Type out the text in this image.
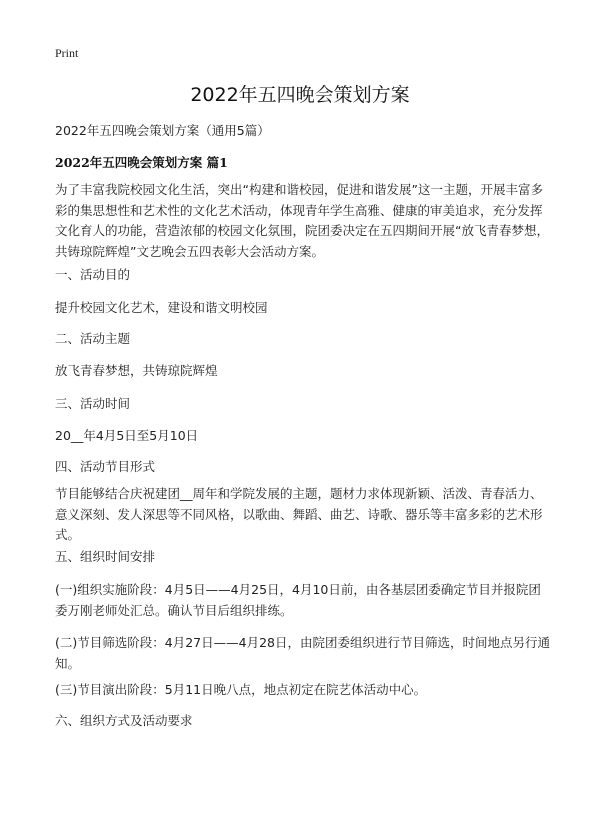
Print
2022年五四晚会策划方案
2022年五四晚会策划方案（通用5篇）
2022年五四晚会策划方案 篇1
为了丰富我院校园文化生活，突出“构建和谐校园，促进和谐发展”这一主题，开展丰富多彩的集思想性和艺术性的文化艺术活动，体现青年学生高雅、健康的审美追求，充分发挥文化育人的功能，营造浓郁的校园文化氛围，院团委决定在五四期间开展“放飞青春梦想，共铸琼院辉煌”文艺晚会五四表彰大会活动方案。
一、活动目的
提升校园文化艺术，建设和谐文明校园
二、活动主题
放飞青春梦想，共铸琼院辉煌
三、活动时间
20__年4月5日至5月10日
四、活动节目形式
节目能够结合庆祝建团__周年和学院发展的主题，题材力求体现新颖、活泼、青春活力、意义深刻、发人深思等不同风格，以歌曲、舞蹈、曲艺、诗歌、器乐等丰富多彩的艺术形式。
五、组织时间安排
(一)组织实施阶段：4月5日——4月25日，4月10日前，由各基层团委确定节目并报院团委万刚老师处汇总。确认节目后组织排练。
(二)节目筛选阶段：4月27日——4月28日，由院团委组织进行节目筛选，时间地点另行通知。
(三)节目演出阶段：5月11日晚八点，地点初定在院艺体活动中心。
六、组织方式及活动要求
